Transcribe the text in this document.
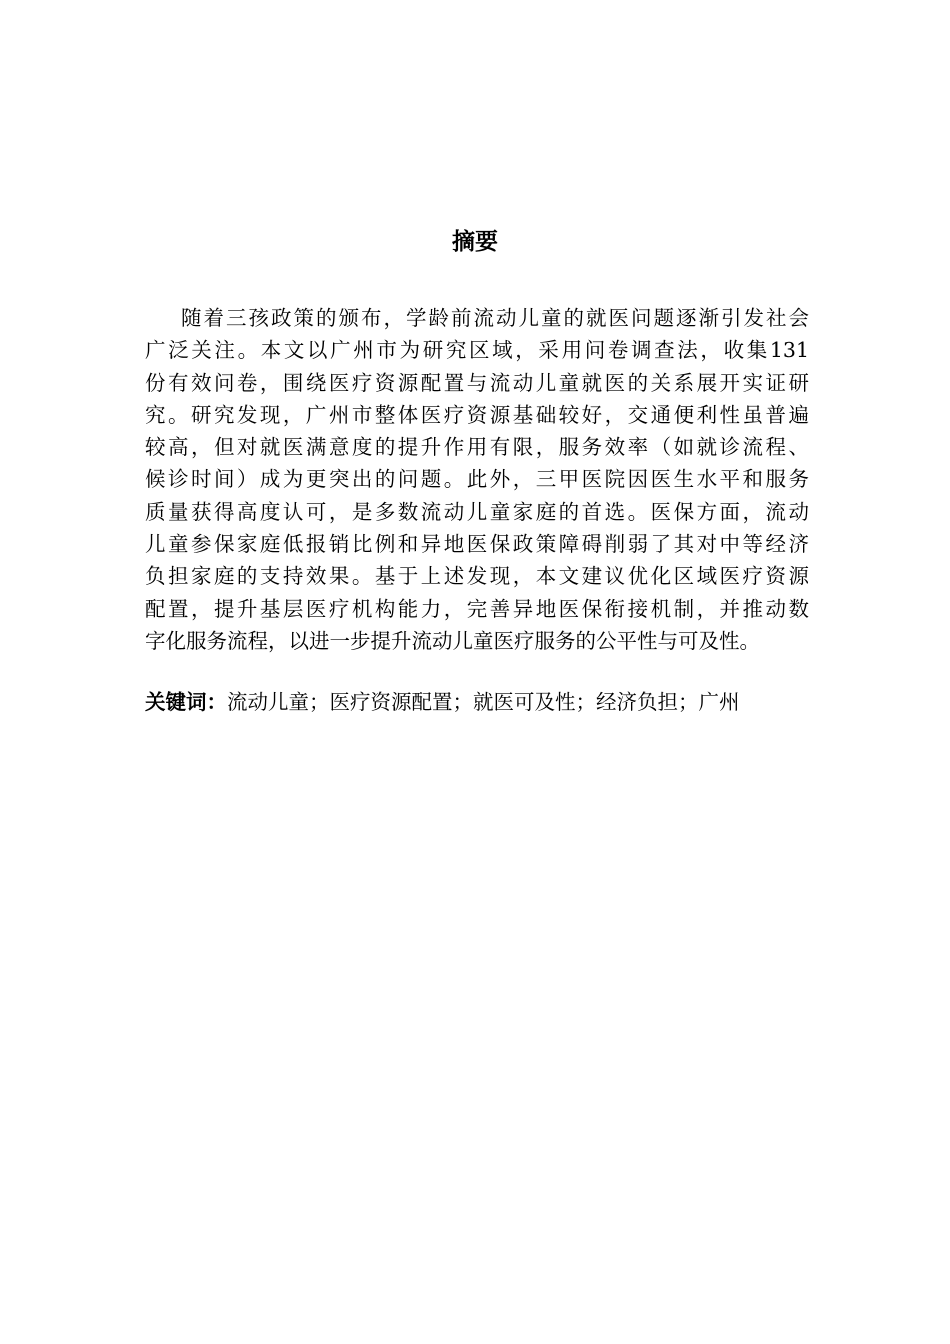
摘要
随着三孩政策的颁布，学龄前流动儿童的就医问题逐渐引发社会
广泛关注。本文以广州市为研究区域，采用问卷调查法，收集131
份有效问卷，围绕医疗资源配置与流动儿童就医的关系展开实证研
究。研究发现，广州市整体医疗资源基础较好，交通便利性虽普遍
较高，但对就医满意度的提升作用有限，服务效率（如就诊流程、
候诊时间）成为更突出的问题。此外，三甲医院因医生水平和服务
质量获得高度认可，是多数流动儿童家庭的首选。医保方面，流动
儿童参保家庭低报销比例和异地医保政策障碍削弱了其对中等经济
负担家庭的支持效果。基于上述发现，本文建议优化区域医疗资源
配置，提升基层医疗机构能力，完善异地医保衔接机制，并推动数
字化服务流程，以进一步提升流动儿童医疗服务的公平性与可及性。
关键词：流动儿童；医疗资源配置；就医可及性；经济负担；广州
